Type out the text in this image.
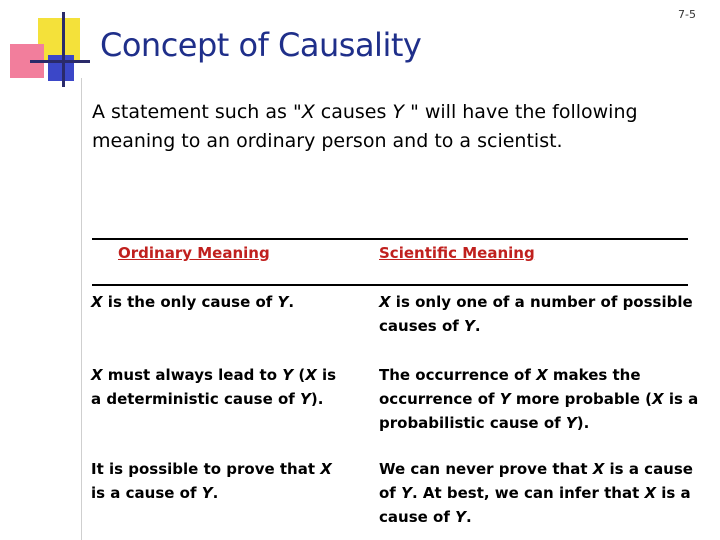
7-5
Concept of Causality
A statement such as "X causes Y " will have the following meaning to an ordinary person and to a scientist.
Ordinary Meaning	Scientific Meaning
X is the only cause of Y.	X is only one of a number of possible causes of Y.
X must always lead to Y (X is a deterministic cause of Y).
The occurrence of X makes the occurrence of Y more probable (X is a probabilistic cause of Y).
It is possible to prove that X is a cause of Y.
We can never prove that X is a cause of Y. At best, we can infer that X is a cause of Y.
